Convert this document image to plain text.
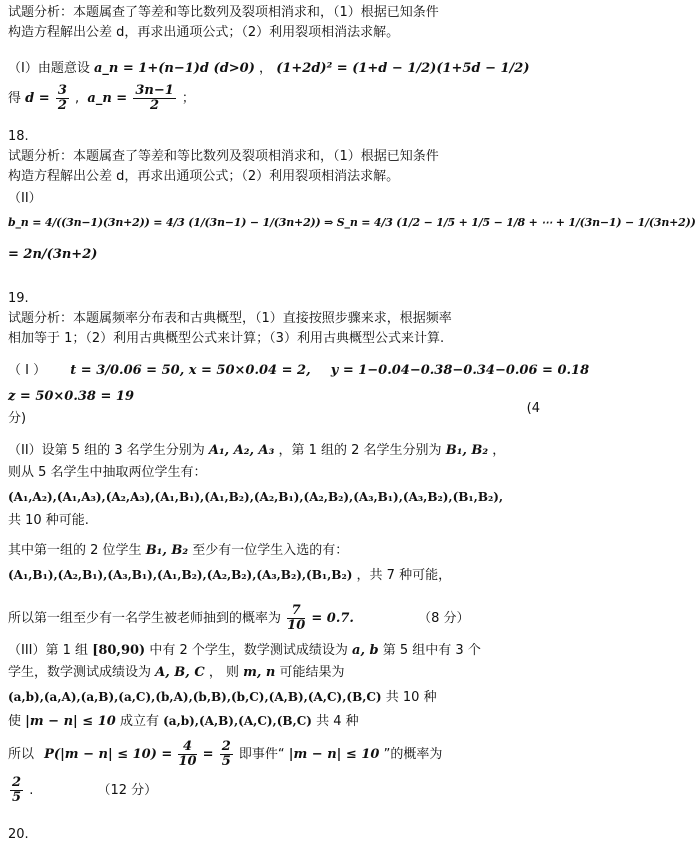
试题分析：本题属查了等差和等比数列及裂项相消求和，（1）根据已知条件
构造方程解出公差 d，再求出通项公式；（2）利用裂项相消法求解。
（I）由题意设 a_n = 1+(n−1)d (d>0) ， (1+2d)² = (1+d − 1/2)(1+5d − 1/2)
得 $d = \frac{3}{2}$ ,  a_n = $\frac{3n-1}{2}$ ；
18.
试题分析：本题属查了等差和等比数列及裂项相消求和，（1）根据已知条件
构造方程解出公差 d，再求出通项公式；（2）利用裂项相消法求解。
（II）
b_n = 4/((3n−1)(3n+2)) = 4/3 (1/(3n−1) − 1/(3n+2)) ⇒ S_n = 4/3 (1/2 − 1/5 + 1/5 − 1/8 + ⋯ + 1/(3n−1) − 1/(3n+2))
= 2n/(3n+2)
19.
试题分析：本题属频率分布表和古典概型，（1）直接按照步骤来求，根据频率
相加等于 1；（2）利用古典概型公式来计算；（3）利用古典概型公式来计算.
（ I ） t = 3/0.06 = 50, x = 50×0.04 = 2, y = 1−0.04−0.38−0.34−0.06 = 0.18
z = 50×0.38 = 19
(4
分)
（II）设第 5 组的 3 名学生分别为 A₁, A₂, A₃ ，第 1 组的 2 名学生分别为 B₁, B₂ ，
则从 5 名学生中抽取两位学生有：
(A₁,A₂),(A₁,A₃),(A₂,A₃),(A₁,B₁),(A₁,B₂),(A₂,B₁),(A₂,B₂),(A₃,B₁),(A₃,B₂),(B₁,B₂),
共 10 种可能.
其中第一组的 2 位学生 B₁, B₂ 至少有一位学生入选的有：
(A₁,B₁),(A₂,B₁),(A₃,B₁),(A₁,B₂),(A₂,B₂),(A₃,B₂),(B₁,B₂) ，共 7 种可能，
所以第一组至少有一名学生被老师抽到的概率为 $\frac{7}{10} = 0.7$.	（8 分）
（III）第 1 组 [80,90) 中有 2 个学生，数学测试成绩设为 a, b 第 5 组中有 3 个
学生，数学测试成绩设为 A, B, C ， 则 m, n 可能结果为
(a,b),(a,A),(a,B),(a,C),(b,A),(b,B),(b,C),(A,B),(A,C),(B,C) 共 10 种
使 |m − n| ≤ 10 成立有 (a,b),(A,B),(A,C),(B,C) 共 4 种
所以 $P(|m - n| \le 10) = \frac{4}{10} = \frac{2}{5}$ 即事件“ |m − n| ≤ 10 ”的概率为
$\frac{2}{5}$ .	（12 分）
20.
